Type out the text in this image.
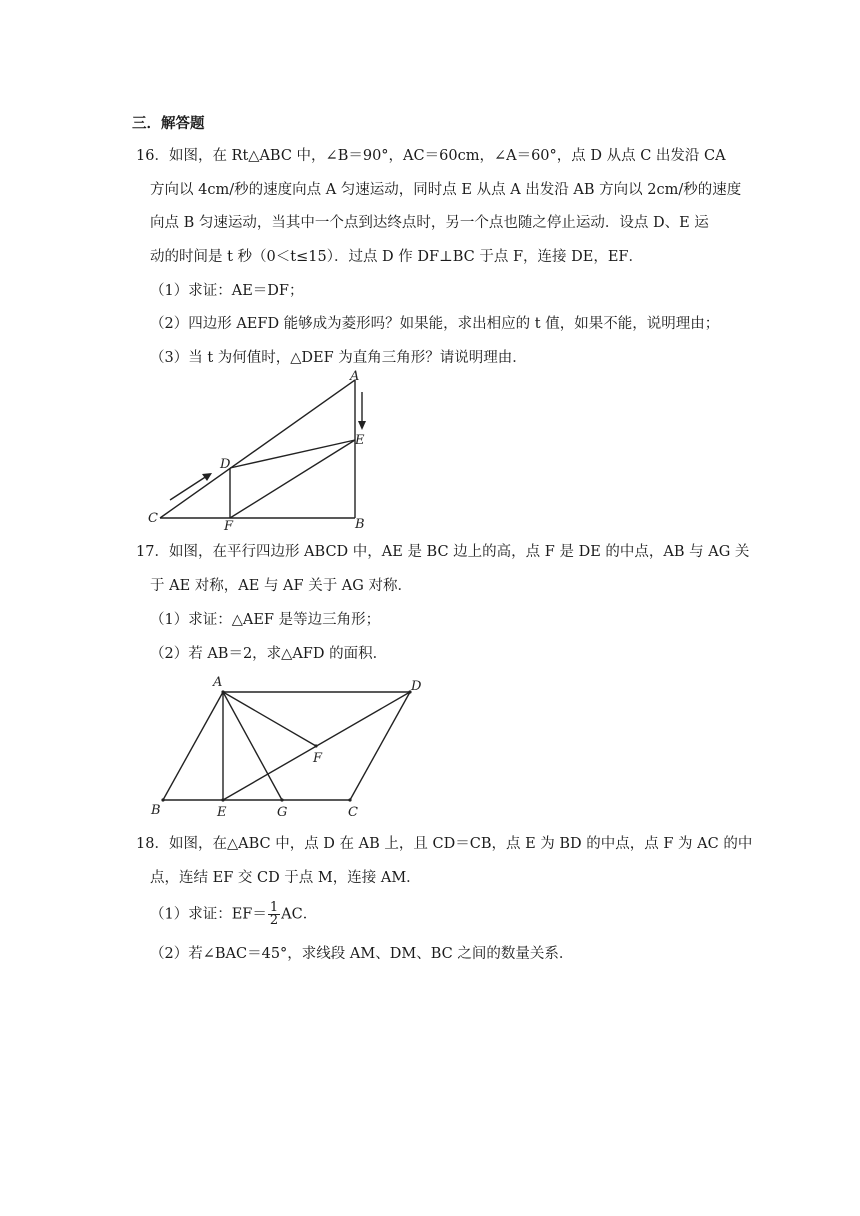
三．解答题
16．如图，在 Rt△ABC 中，∠B＝90°，AC＝60cm，∠A＝60°，点 D 从点 C 出发沿 CA
方向以 4cm/秒的速度向点 A 匀速运动，同时点 E 从点 A 出发沿 AB 方向以 2cm/秒的速度
向点 B 匀速运动，当其中一个点到达终点时，另一个点也随之停止运动．设点 D、E 运
动的时间是 t 秒（0＜t≤15）．过点 D 作 DF⊥BC 于点 F，连接 DE，EF．
（1）求证：AE＝DF；
（2）四边形 AEFD 能够成为菱形吗？如果能，求出相应的 t 值，如果不能，说明理由；
（3）当 t 为何值时，△DEF 为直角三角形？请说明理由．
A
B
C
D
E
F
17．如图，在平行四边形 ABCD 中，AE 是 BC 边上的高，点 F 是 DE 的中点，AB 与 AG 关
于 AE 对称，AE 与 AF 关于 AG 对称．
（1）求证：△AEF 是等边三角形；
（2）若 AB＝2，求△AFD 的面积．
A	D
B	C
E	G
F
18．如图，在△ABC 中，点 D 在 AB 上，且 CD＝CB，点 E 为 BD 的中点，点 F 为 AC 的中
点，连结 EF 交 CD 于点 M，连接 AM．
（1）求证：$EF= \frac{1}{2}$ AC．
（2）若∠BAC＝45°，求线段 AM、DM、BC 之间的数量关系．
